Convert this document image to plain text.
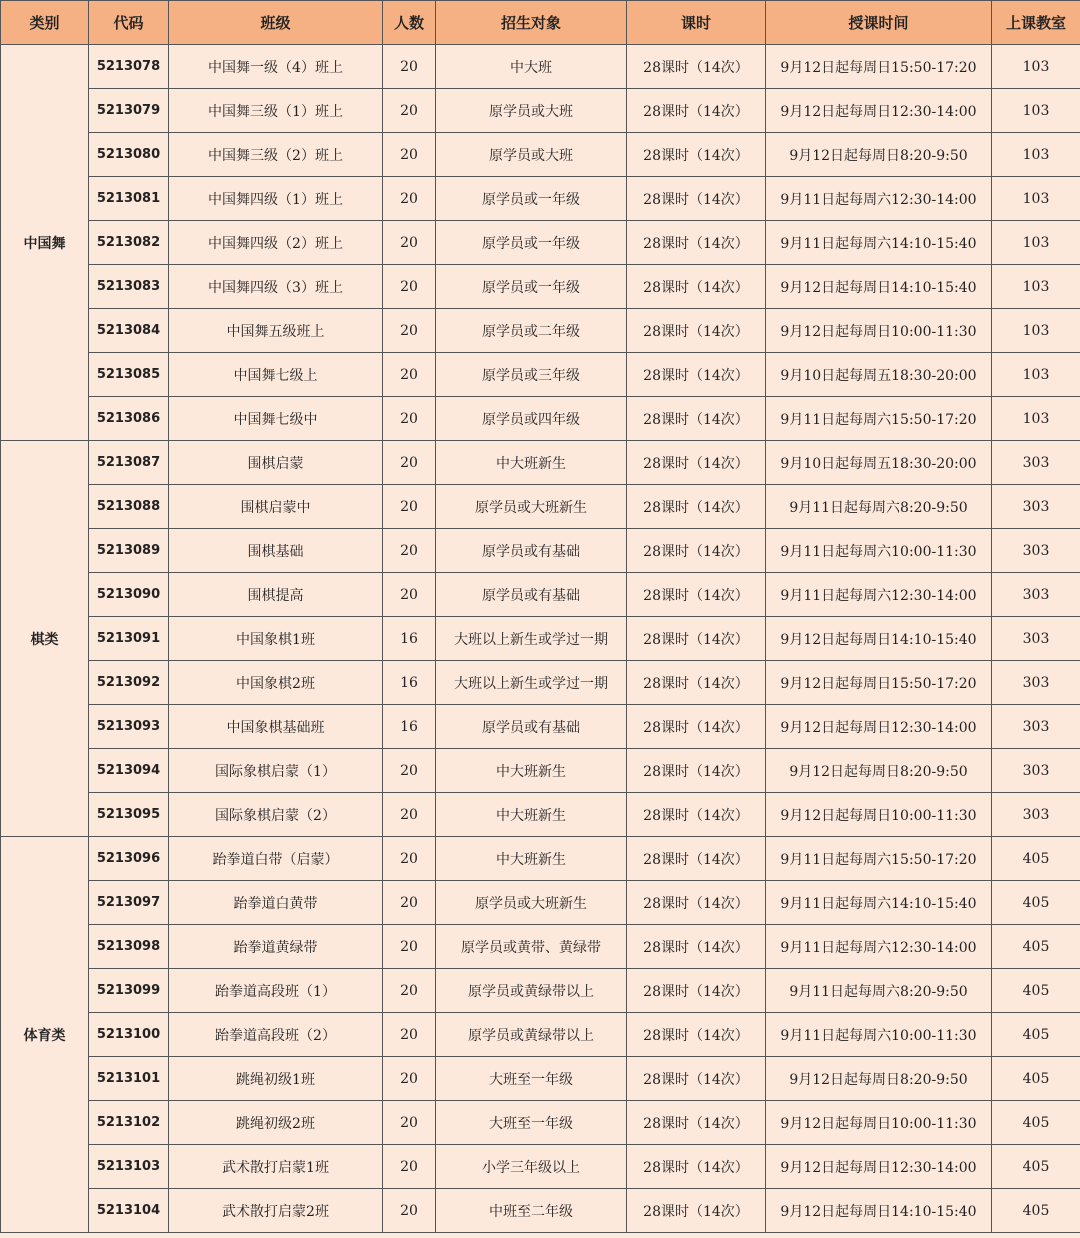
类别	代码	班级	人数	招生对象	课时	授课时间	上课教室
中国舞	5213078	中国舞一级（4）班上	20	中大班	28课时（14次）	9月12日起每周日15:50-17:20	103
	5213079	中国舞三级（1）班上	20	原学员或大班	28课时（14次）	9月12日起每周日12:30-14:00	103
	5213080	中国舞三级（2）班上	20	原学员或大班	28课时（14次）	9月12日起每周日8:20-9:50	103
	5213081	中国舞四级（1）班上	20	原学员或一年级	28课时（14次）	9月11日起每周六12:30-14:00	103
	5213082	中国舞四级（2）班上	20	原学员或一年级	28课时（14次）	9月11日起每周六14:10-15:40	103
	5213083	中国舞四级（3）班上	20	原学员或一年级	28课时（14次）	9月12日起每周日14:10-15:40	103
	5213084	中国舞五级班上	20	原学员或二年级	28课时（14次）	9月12日起每周日10:00-11:30	103
	5213085	中国舞七级上	20	原学员或三年级	28课时（14次）	9月10日起每周五18:30-20:00	103
	5213086	中国舞七级中	20	原学员或四年级	28课时（14次）	9月11日起每周六15:50-17:20	103
棋类	5213087	围棋启蒙	20	中大班新生	28课时（14次）	9月10日起每周五18:30-20:00	303
	5213088	围棋启蒙中	20	原学员或大班新生	28课时（14次）	9月11日起每周六8:20-9:50	303
	5213089	围棋基础	20	原学员或有基础	28课时（14次）	9月11日起每周六10:00-11:30	303
	5213090	围棋提高	20	原学员或有基础	28课时（14次）	9月11日起每周六12:30-14:00	303
	5213091	中国象棋1班	16	大班以上新生或学过一期	28课时（14次）	9月12日起每周日14:10-15:40	303
	5213092	中国象棋2班	16	大班以上新生或学过一期	28课时（14次）	9月12日起每周日15:50-17:20	303
	5213093	中国象棋基础班	16	原学员或有基础	28课时（14次）	9月12日起每周日12:30-14:00	303
	5213094	国际象棋启蒙（1）	20	中大班新生	28课时（14次）	9月12日起每周日8:20-9:50	303
	5213095	国际象棋启蒙（2）	20	中大班新生	28课时（14次）	9月12日起每周日10:00-11:30	303
体育类	5213096	跆拳道白带（启蒙）	20	中大班新生	28课时（14次）	9月11日起每周六15:50-17:20	405
	5213097	跆拳道白黄带	20	原学员或大班新生	28课时（14次）	9月11日起每周六14:10-15:40	405
	5213098	跆拳道黄绿带	20	原学员或黄带、黄绿带	28课时（14次）	9月11日起每周六12:30-14:00	405
	5213099	跆拳道高段班（1）	20	原学员或黄绿带以上	28课时（14次）	9月11日起每周六8:20-9:50	405
	5213100	跆拳道高段班（2）	20	原学员或黄绿带以上	28课时（14次）	9月11日起每周六10:00-11:30	405
	5213101	跳绳初级1班	20	大班至一年级	28课时（14次）	9月12日起每周日8:20-9:50	405
	5213102	跳绳初级2班	20	大班至一年级	28课时（14次）	9月12日起每周日10:00-11:30	405
	5213103	武术散打启蒙1班	20	小学三年级以上	28课时（14次）	9月12日起每周日12:30-14:00	405
	5213104	武术散打启蒙2班	20	中班至二年级	28课时（14次）	9月12日起每周日14:10-15:40	405
